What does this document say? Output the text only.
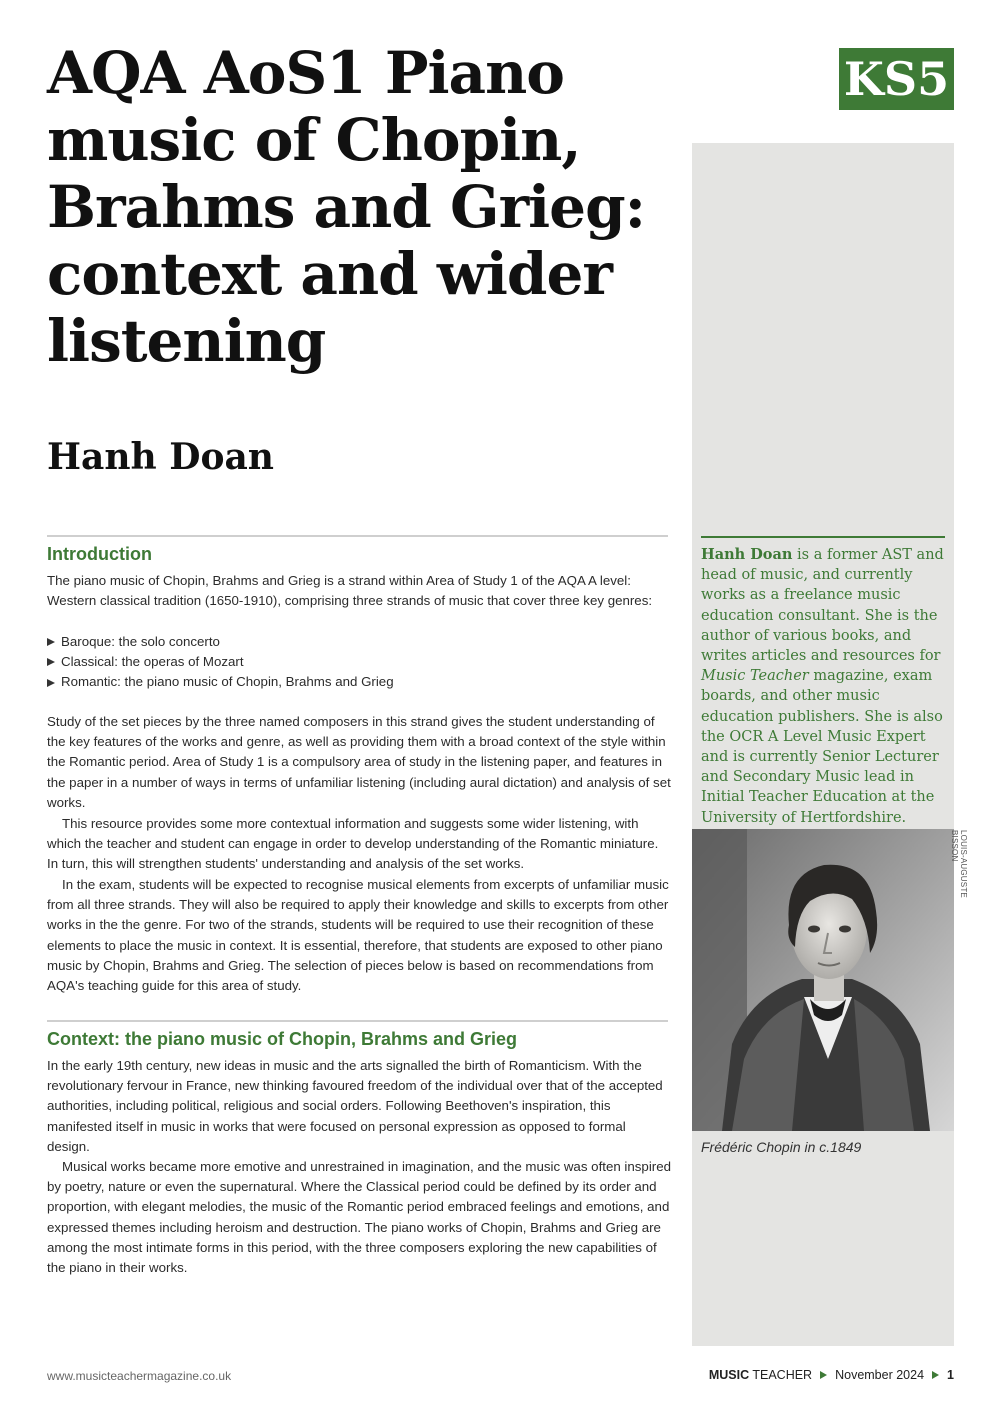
AQA AoS1 Piano music of Chopin, Brahms and Grieg: context and wider listening
Hanh Doan
KS5

Hanh Doan is a former AST and head of music, and currently works as a freelance music education consultant. She is the author of various books, and writes articles and resources for Music Teacher magazine, exam boards, and other music education publishers. She is also the OCR A Level Music Expert and is currently Senior Lecturer and Secondary Music lead in Initial Teacher Education at the University of Hertfordshire.

LOUIS-AUGUSTE BISSON

Frédéric Chopin in c.1849

Introduction

The piano music of Chopin, Brahms and Grieg is a strand within Area of Study 1 of the AQA A level: Western classical tradition (1650-1910), comprising three strands of music that cover three key genres:

Baroque: the solo concerto
Classical: the operas of Mozart
Romantic: the piano music of Chopin, Brahms and Grieg

Study of the set pieces by the three named composers in this strand gives the student understanding of the key features of the works and genre, as well as providing them with a broad context of the style within the Romantic period. Area of Study 1 is a compulsory area of study in the listening paper, and features in the paper in a number of ways in terms of unfamiliar listening (including aural dictation) and analysis of set works.

This resource provides some more contextual information and suggests some wider listening, with which the teacher and student can engage in order to develop understanding of the Romantic miniature. In turn, this will strengthen students' understanding and analysis of the set works.

In the exam, students will be expected to recognise musical elements from excerpts of unfamiliar music from all three strands. They will also be required to apply their knowledge and skills to excerpts from other works in the the genre. For two of the strands, students will be required to use their recognition of these elements to place the music in context. It is essential, therefore, that students are exposed to other piano music by Chopin, Brahms and Grieg. The selection of pieces below is based on recommendations from AQA's teaching guide for this area of study.

Context: the piano music of Chopin, Brahms and Grieg

In the early 19th century, new ideas in music and the arts signalled the birth of Romanticism. With the revolutionary fervour in France, new thinking favoured freedom of the individual over that of the accepted authorities, including political, religious and social orders. Following Beethoven's inspiration, this manifested itself in music in works that were focused on personal expression as opposed to formal design.

Musical works became more emotive and unrestrained in imagination, and the music was often inspired by poetry, nature or even the supernatural. Where the Classical period could be defined by its order and proportion, with elegant melodies, the music of the Romantic period embraced feelings and emotions, and expressed themes including heroism and destruction. The piano works of Chopin, Brahms and Grieg are among the most intimate forms in this period, with the three composers exploring the new capabilities of the piano in their works.

www.musicteachermagazine.co.uk	MUSIC TEACHER November 2024 1
